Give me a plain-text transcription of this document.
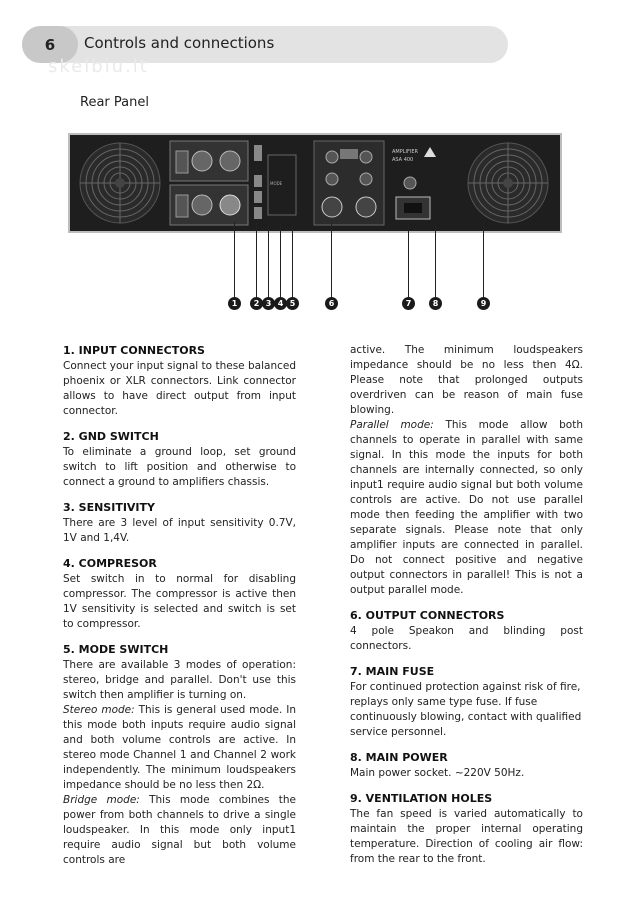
6	Controls and connections
skelbiu.lt
Rear Panel
MODE
AMPLIFIER
ASA 400
1	2 3 4 5	6	7	8	9
1. INPUT CONNECTORS

Connect your input signal to these balanced phoenix or XLR connectors. Link connector allows to have direct output from input connector.

2. GND SWITCH

To eliminate a ground loop, set ground switch to lift position and otherwise to connect a ground to amplifiers chassis.

3. SENSITIVITY

There are 3 level of input sensitivity 0.7V, 1V and 1,4V.

4. COMPRESOR

Set switch in to normal for disabling compressor. The compressor is active then 1V sensitivity is selected and switch is set to compressor.

5. MODE SWITCH

There are available 3 modes of operation: stereo, bridge and parallel. Don't use this switch then amplifier is turning on.

Stereo mode: This is general used mode. In this mode both inputs require audio signal and both volume controls are active. In stereo mode Channel 1 and Channel 2 work independently. The minimum loudspeakers impedance should be no less then 2Ω.

Bridge mode: This mode combines the power from both channels to drive a single loudspeaker. In this mode only input1 require audio signal but both volume controls are

active. The minimum loudspeakers impedance should be no less then 4Ω. Please note that prolonged outputs overdriven can be reason of main fuse blowing.

Parallel mode: This mode allow both channels to operate in parallel with same signal. In this mode the inputs for both channels are internally connected, so only input1 require audio signal but both volume controls are active. Do not use parallel mode then feeding the amplifier with two separate signals. Please note that only amplifier inputs are connected in parallel. Do not connect positive and negative output connectors in parallel! This is not a output parallel mode.

6. OUTPUT CONNECTORS

4 pole Speakon and blinding post connectors.

7. MAIN FUSE

For continued protection against risk of fire, replays only same type fuse. If fuse continuously blowing, contact with qualified service personnel.

8. MAIN POWER

Main power socket. ~220V 50Hz.

9. VENTILATION HOLES

The fan speed is varied automatically to maintain the proper internal operating temperature. Direction of cooling air flow: from the rear to the front.
